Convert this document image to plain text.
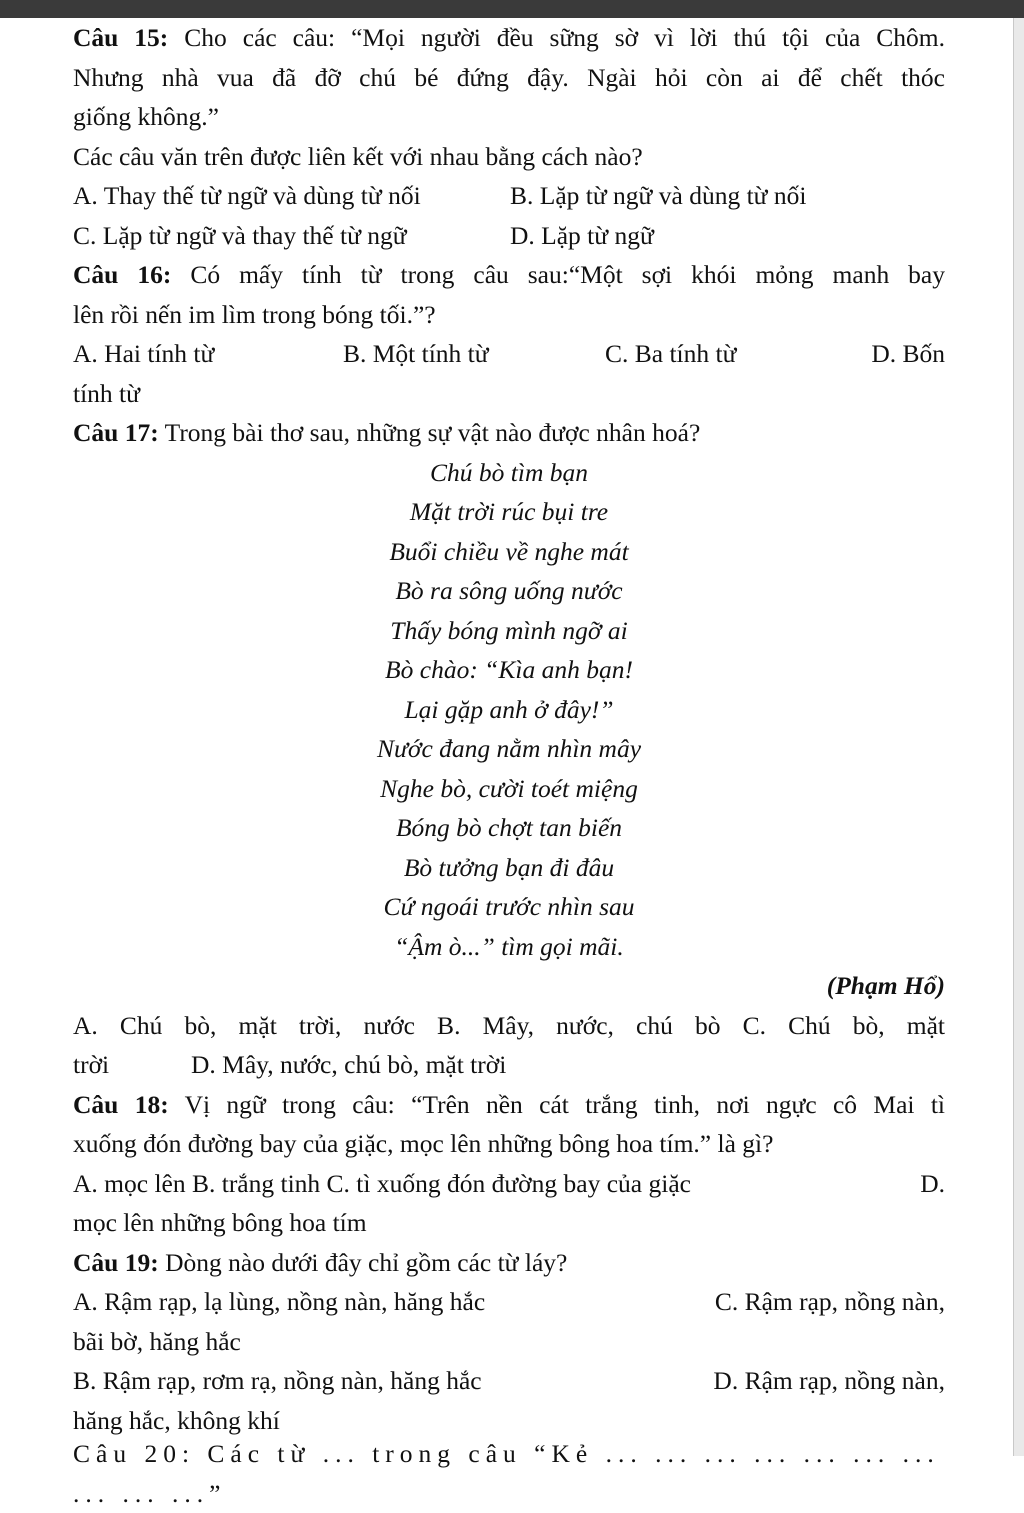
Câu 15: Cho các câu: “Mọi người đều sững sờ vì lời thú tội của Chôm.
Nhưng nhà vua đã đỡ chú bé đứng đậy. Ngài hỏi còn ai để chết thóc
giống không.”
Các câu văn trên được liên kết với nhau bằng cách nào?
A. Thay thế từ ngữ và dùng từ nối	B. Lặp từ ngữ và dùng từ nối
C. Lặp từ ngữ và thay thế từ ngữ	D. Lặp từ ngữ
Câu 16: Có mấy tính từ trong câu sau:“Một sợi khói mỏng manh bay
lên rồi nến im lìm trong bóng tối.”?
A. Hai tính từ	B. Một tính từ	C. Ba tính từ	D. Bốn
tính từ
Câu 17: Trong bài thơ sau, những sự vật nào được nhân hoá?
Chú bò tìm bạn
Mặt trời rúc bụi tre
Buổi chiều về nghe mát
Bò ra sông uống nước
Thấy bóng mình ngỡ ai
Bò chào: “Kìa anh bạn!
Lại gặp anh ở đây!”
Nước đang nằm nhìn mây
Nghe bò, cười toét miệng
Bóng bò chợt tan biến
Bò tưởng bạn đi đâu
Cứ ngoái trước nhìn sau
“Ậm ò...” tìm gọi mãi.
(Phạm Hổ)
A. Chú bò, mặt trời, nước B. Mây, nước, chú bò C. Chú bò, mặt
trời	D. Mây, nước, chú bò, mặt trời
Câu 18: Vị ngữ trong câu: “Trên nền cát trắng tinh, nơi ngực cô Mai tì
xuống đón đường bay của giặc, mọc lên những bông hoa tím.” là gì?
A. mọc lên B. trắng tinh C. tì xuống đón đường bay của giặc	D.
mọc lên những bông hoa tím
Câu 19: Dòng nào dưới đây chỉ gồm các từ láy?
A. Rậm rạp, lạ lùng, nồng nàn, hăng hắc	C. Rậm rạp, nồng nàn,
bãi bờ, hăng hắc
B. Rậm rạp, rơm rạ, nồng nàn, hăng hắc	D. Rậm rạp, nồng nàn,
hăng hắc, không khí
Câu 20: Các từ ... trong câu “Kẻ ... ... ... ... ... ... ... ... ... ...”
